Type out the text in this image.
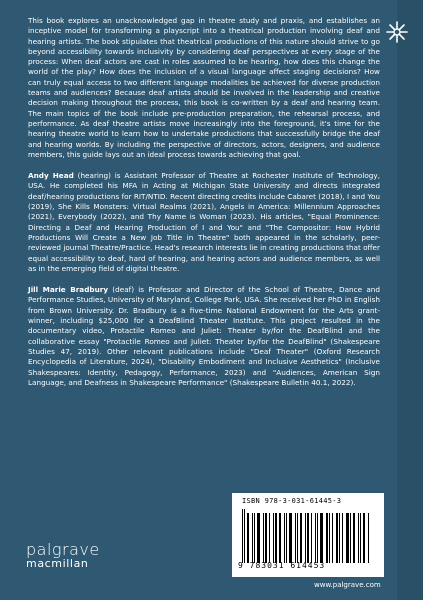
This book explores an unacknowledged gap in theatre study and praxis, and establishes an inceptive model for transforming a playscript into a theatrical production involving deaf and hearing artists. The book stipulates that theatrical productions of this nature should strive to go beyond accessibility towards inclusivity by considering deaf perspectives at every stage of the process: When deaf actors are cast in roles assumed to be hearing, how does this change the world of the play? How does the inclusion of a visual language affect staging decisions? How can truly equal access to two different language modalities be achieved for diverse production teams and audiences? Because deaf artists should be involved in the leadership and creative decision making throughout the process, this book is co-written by a deaf and hearing team. The main topics of the book include pre-production preparation, the rehearsal process, and performance. As deaf theatre artists move increasingly into the foreground, it's time for the hearing theatre world to learn how to undertake productions that successfully bridge the deaf and hearing worlds. By including the perspective of directors, actors, designers, and audience members, this guide lays out an ideal process towards achieving that goal.

Andy Head (hearing) is Assistant Professor of Theatre at Rochester Institute of Technology, USA. He completed his MFA in Acting at Michigan State University and directs integrated deaf/hearing productions for RIT/NTID. Recent directing credits include Cabaret (2018), I and You (2019), She Kills Monsters: Virtual Realms (2021), Angels in America: Millennium Approaches (2021), Everybody (2022), and Thy Name is Woman (2023). His articles, "Equal Prominence: Directing a Deaf and Hearing Production of I and You" and "The Compositor: How Hybrid Productions Will Create a New Job Title in Theatre" both appeared in the scholarly, peer-reviewed journal Theatre/Practice. Head's research interests lie in creating productions that offer equal accessibility to deaf, hard of hearing, and hearing actors and audience members, as well as in the emerging field of digital theatre.

Jill Marie Bradbury (deaf) is Professor and Director of the School of Theatre, Dance and Performance Studies, University of Maryland, College Park, USA. She received her PhD in English from Brown University. Dr. Bradbury is a five-time National Endowment for the Arts grant-winner, including $25,000 for a DeafBlind Theater Institute. This project resulted in the documentary video, Protactile Romeo and Juliet: Theater by/for the DeafBlind and the collaborative essay "Protactile Romeo and Juliet: Theater by/for the DeafBlind" (Shakespeare Studies 47, 2019). Other relevant publications include "Deaf Theater" (Oxford Research Encyclopedia of Literature, 2024), "Disability Embodiment and Inclusive Aesthetics" (Inclusive Shakespeares: Identity, Pedagogy, Performance, 2023) and "Audiences, American Sign Language, and Deafness in Shakespeare Performance" (Shakespeare Bulletin 40.1, 2022).

ISBN 978-3-031-61445-3
9 783031 614453
palgrave
macmillan
www.palgrave.com
